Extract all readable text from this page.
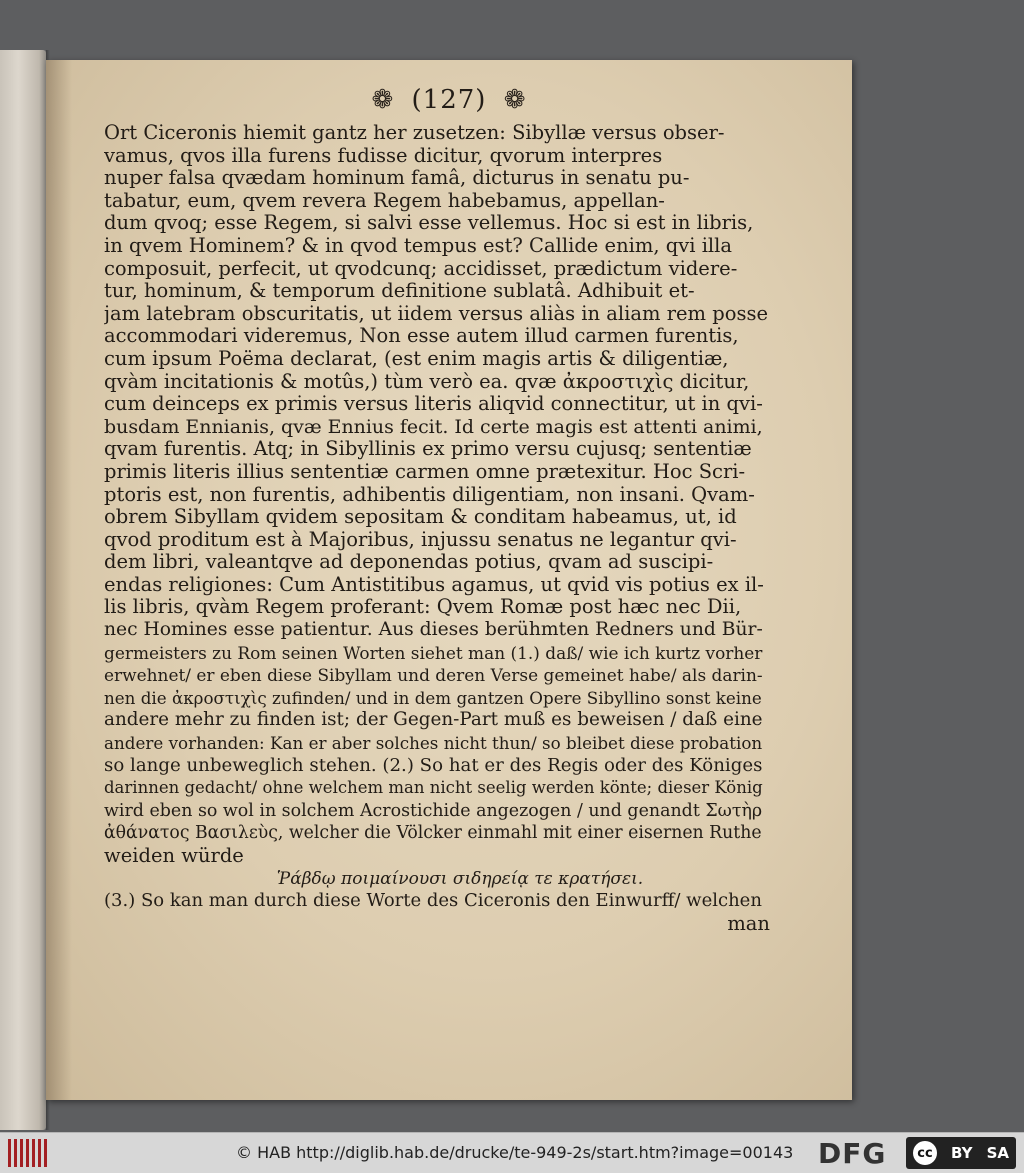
❁ (127) ❁
Ort Ciceronis hiemit gantz her zusetzen: Sibyllæ versus obser-
vamus, qvos illa furens fudisse dicitur, qvorum interpres
nuper falsa qvædam hominum famâ, dicturus in senatu pu-
tabatur, eum, qvem revera Regem habebamus, appellan-
dum qvoq; esse Regem, si salvi esse vellemus. Hoc si est in libris,
in qvem Hominem? & in qvod tempus est? Callide enim, qvi illa
composuit, perfecit, ut qvodcunq; accidisset, prædictum videre-
tur, hominum, & temporum definitione sublatâ. Adhibuit et-
jam latebram obscuritatis, ut iidem versus aliàs in aliam rem posse
accommodari videremus, Non esse autem illud carmen furentis,
cum ipsum Poëma declarat, (est enim magis artis & diligentiæ,
qvàm incitationis & motûs,) tùm verò ea. qvæ ἀκροστιχὶς dicitur,
cum deinceps ex primis versus literis aliqvid connectitur, ut in qvi-
busdam Ennianis, qvæ Ennius fecit. Id certe magis est attenti animi,
qvam furentis. Atq; in Sibyllinis ex primo versu cujusq; sententiæ
primis literis illius sententiæ carmen omne prætexitur. Hoc Scri-
ptoris est, non furentis, adhibentis diligentiam, non insani. Qvam-
obrem Sibyllam qvidem sepositam & conditam habeamus, ut, id
qvod proditum est à Majoribus, injussu senatus ne legantur qvi-
dem libri, valeantqve ad deponendas potius, qvam ad suscipi-
endas religiones: Cum Antistitibus agamus, ut qvid vis potius ex il-
lis libris, qvàm Regem proferant: Qvem Romæ post hæc nec Dii,
nec Homines esse patientur. Aus dieses berühmten Redners und Bür-
germeisters zu Rom seinen Worten siehet man (1.) daß/ wie ich kurtz vorher
erwehnet/ er eben diese Sibyllam und deren Verse gemeinet habe/ als darin-
nen die ἀκροστιχὶς zufinden/ und in dem gantzen Opere Sibyllino sonst keine
andere mehr zu finden ist; der Gegen-Part muß es beweisen / daß eine
andere vorhanden: Kan er aber solches nicht thun/ so bleibet diese probation
so lange unbeweglich stehen. (2.) So hat er des Regis oder des Königes
darinnen gedacht/ ohne welchem man nicht seelig werden könte; dieser König
wird eben so wol in solchem Acrostichide angezogen / und genandt Σωτὴρ
ἀθάνατος Βασιλεὺς, welcher die Völcker einmahl mit einer eisernen Ruthe
weiden würde
Ῥάβδῳ ποιμαίνουσι σιδηρείᾳ τε κρατήσει.
(3.) So kan man durch diese Worte des Ciceronis den Einwurff/ welchen
man
© HAB http://diglib.hab.de/drucke/te-949-2s/start.htm?image=00143 DFG	cc BY SA
